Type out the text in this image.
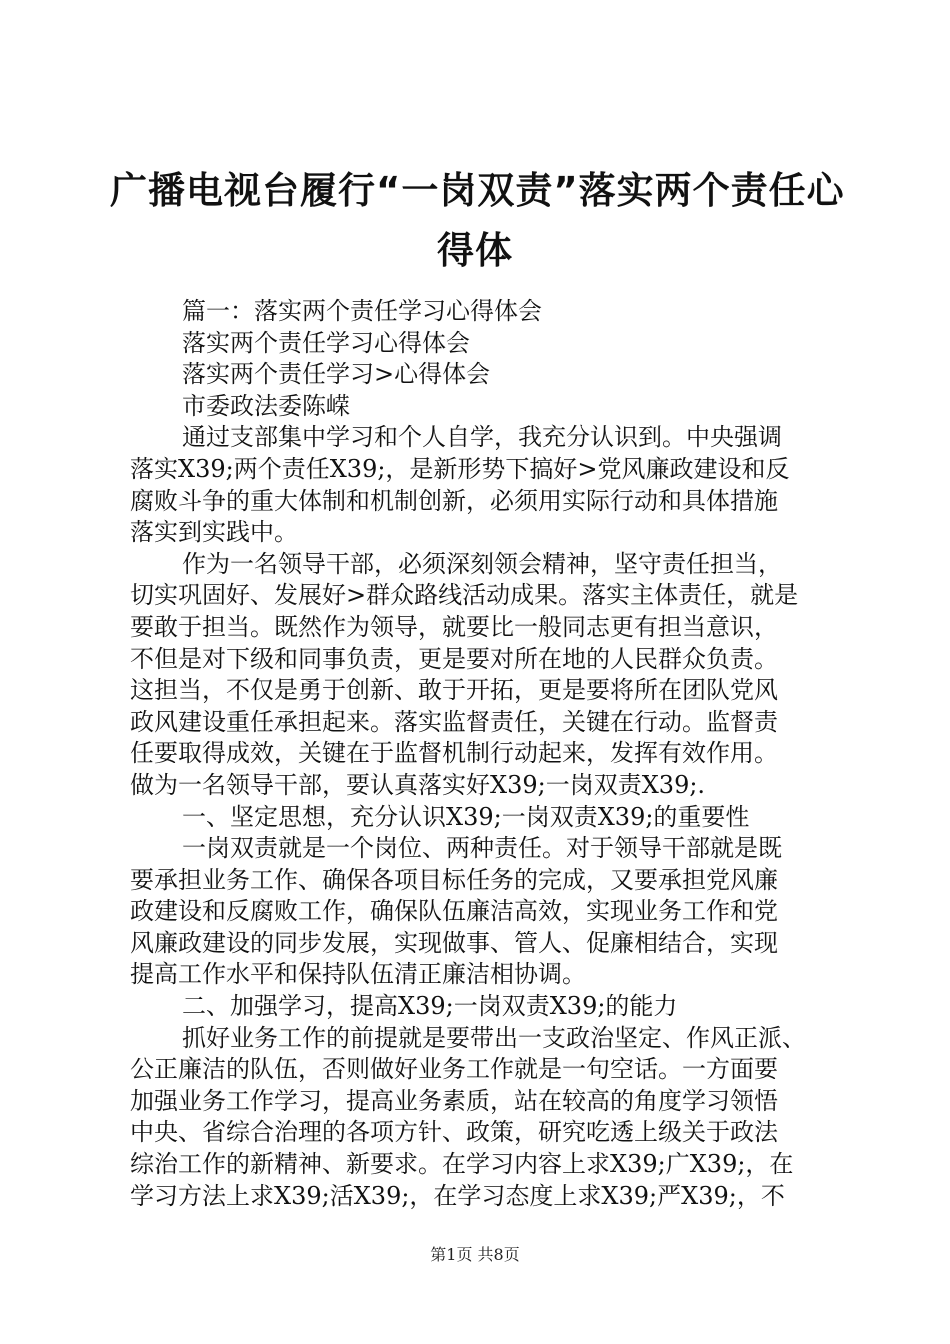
广播电视台履行“一岗双责”落实两个责任心
得体
篇一：落实两个责任学习心得体会
落实两个责任学习心得体会
落实两个责任学习>心得体会
市委政法委陈嵘
通过支部集中学习和个人自学，我充分认识到。中央强调
落实X39;两个责任X39;，是新形势下搞好>党风廉政建设和反
腐败斗争的重大体制和机制创新，必须用实际行动和具体措施
落实到实践中。
作为一名领导干部，必须深刻领会精神，坚守责任担当，
切实巩固好、发展好>群众路线活动成果。落实主体责任，就是
要敢于担当。既然作为领导，就要比一般同志更有担当意识，
不但是对下级和同事负责，更是要对所在地的人民群众负责。
这担当，不仅是勇于创新、敢于开拓，更是要将所在团队党风
政风建设重任承担起来。落实监督责任，关键在行动。监督责
任要取得成效，关键在于监督机制行动起来，发挥有效作用。
做为一名领导干部，要认真落实好X39;一岗双责X39;.
一、坚定思想，充分认识X39;一岗双责X39;的重要性
一岗双责就是一个岗位、两种责任。对于领导干部就是既
要承担业务工作、确保各项目标任务的完成，又要承担党风廉
政建设和反腐败工作，确保队伍廉洁高效，实现业务工作和党
风廉政建设的同步发展，实现做事、管人、促廉相结合，实现
提高工作水平和保持队伍清正廉洁相协调。
二、加强学习，提高X39;一岗双责X39;的能力
抓好业务工作的前提就是要带出一支政治坚定、作风正派、
公正廉洁的队伍，否则做好业务工作就是一句空话。一方面要
加强业务工作学习，提高业务素质，站在较高的角度学习领悟
中央、省综合治理的各项方针、政策，研究吃透上级关于政法
综治工作的新精神、新要求。在学习内容上求X39;广X39;，在
学习方法上求X39;活X39;，在学习态度上求X39;严X39;，不
第1页 共8页
